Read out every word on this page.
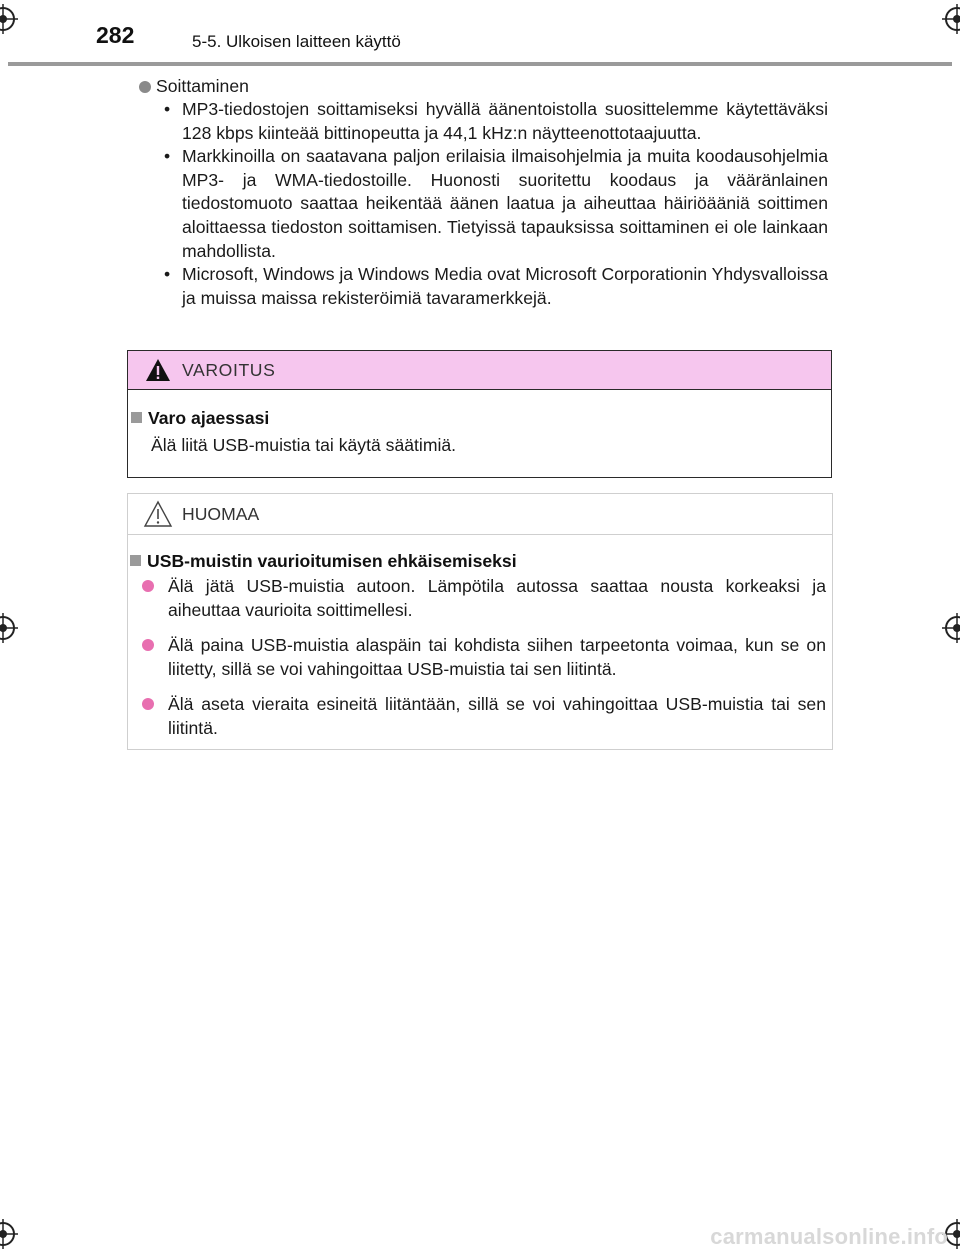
282	5-5. Ulkoisen laitteen käyttö
Soittaminen
• MP3-tiedostojen soittamiseksi hyvällä äänentoistolla suosittelemme käytettäväksi 128 kbps kiinteää bittinopeutta ja 44,1 kHz:n näytteenottotaajuutta.
• Markkinoilla on saatavana paljon erilaisia ilmaisohjelmia ja muita koodausohjelmia MP3- ja WMA-tiedostoille. Huonosti suoritettu koodaus ja vääränlainen tiedostomuoto saattaa heikentää äänen laatua ja aiheuttaa häiriöääniä soittimen aloittaessa tiedoston soittamisen. Tietyissä tapauksissa soittaminen ei ole lainkaan mahdollista.
• Microsoft, Windows ja Windows Media ovat Microsoft Corporationin Yhdysvalloissa ja muissa maissa rekisteröimiä tavaramerkkejä.
VAROITUS
Varo ajaessasi
Älä liitä USB-muistia tai käytä säätimiä.
HUOMAA
USB-muistin vaurioitumisen ehkäisemiseksi
Älä jätä USB-muistia autoon. Lämpötila autossa saattaa nousta korkeaksi ja aiheuttaa vaurioita soittimellesi.
Älä paina USB-muistia alaspäin tai kohdista siihen tarpeetonta voimaa, kun se on liitetty, sillä se voi vahingoittaa USB-muistia tai sen liitintä.
Älä aseta vieraita esineitä liitäntään, sillä se voi vahingoittaa USB-muistia tai sen liitintä.
carmanualsonline.info
